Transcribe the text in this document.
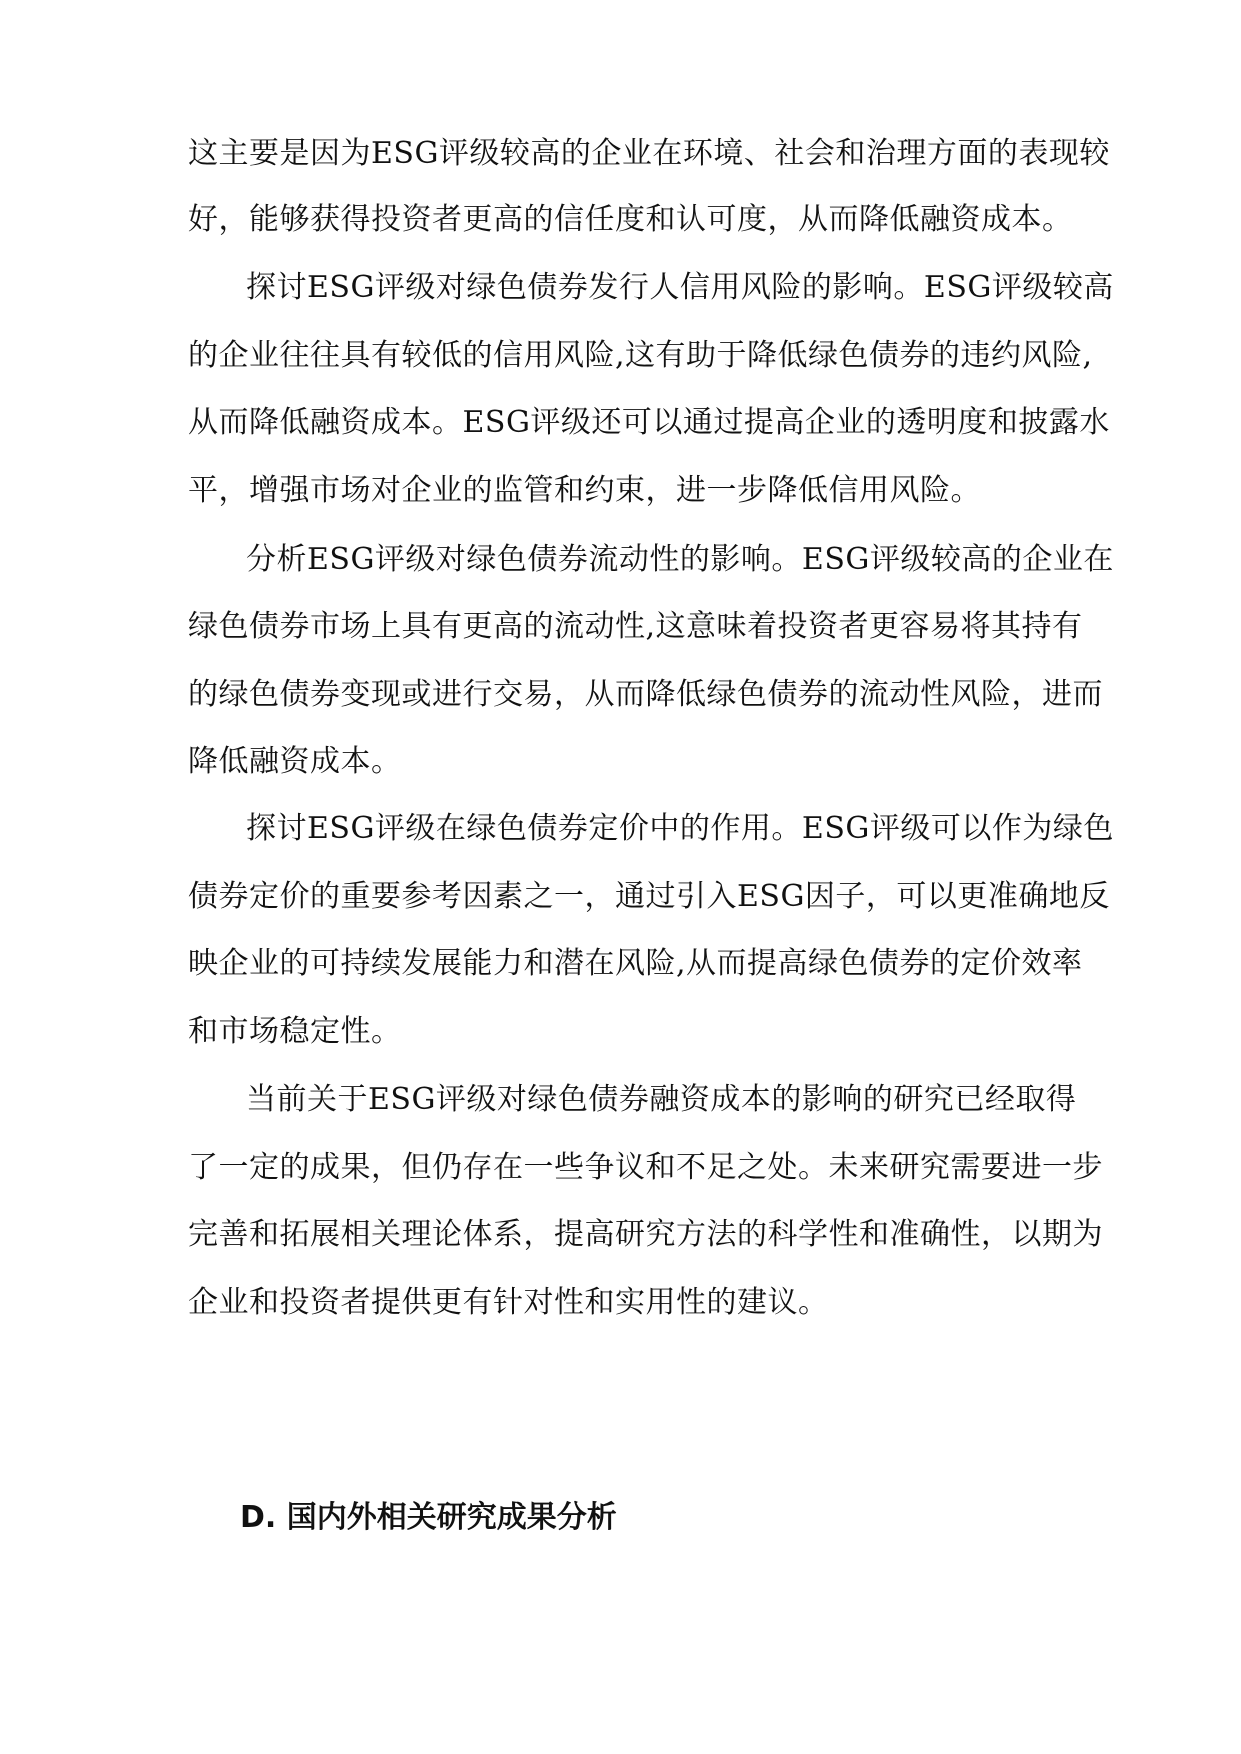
这主要是因为ESG评级较高的企业在环境、社会和治理方面的表现较
好，能够获得投资者更高的信任度和认可度，从而降低融资成本。
探讨ESG评级对绿色债券发行人信用风险的影响。ESG评级较高
的企业往往具有较低的信用风险,这有助于降低绿色债券的违约风险,
从而降低融资成本。ESG评级还可以通过提高企业的透明度和披露水
平，增强市场对企业的监管和约束，进一步降低信用风险。
分析ESG评级对绿色债券流动性的影响。ESG评级较高的企业在
绿色债券市场上具有更高的流动性,这意味着投资者更容易将其持有
的绿色债券变现或进行交易，从而降低绿色债券的流动性风险，进而
降低融资成本。
探讨ESG评级在绿色债券定价中的作用。ESG评级可以作为绿色
债券定价的重要参考因素之一，通过引入ESG因子，可以更准确地反
映企业的可持续发展能力和潜在风险,从而提高绿色债券的定价效率
和市场稳定性。
当前关于ESG评级对绿色债券融资成本的影响的研究已经取得
了一定的成果，但仍存在一些争议和不足之处。未来研究需要进一步
完善和拓展相关理论体系，提高研究方法的科学性和准确性，以期为
企业和投资者提供更有针对性和实用性的建议。
D. 国内外相关研究成果分析
